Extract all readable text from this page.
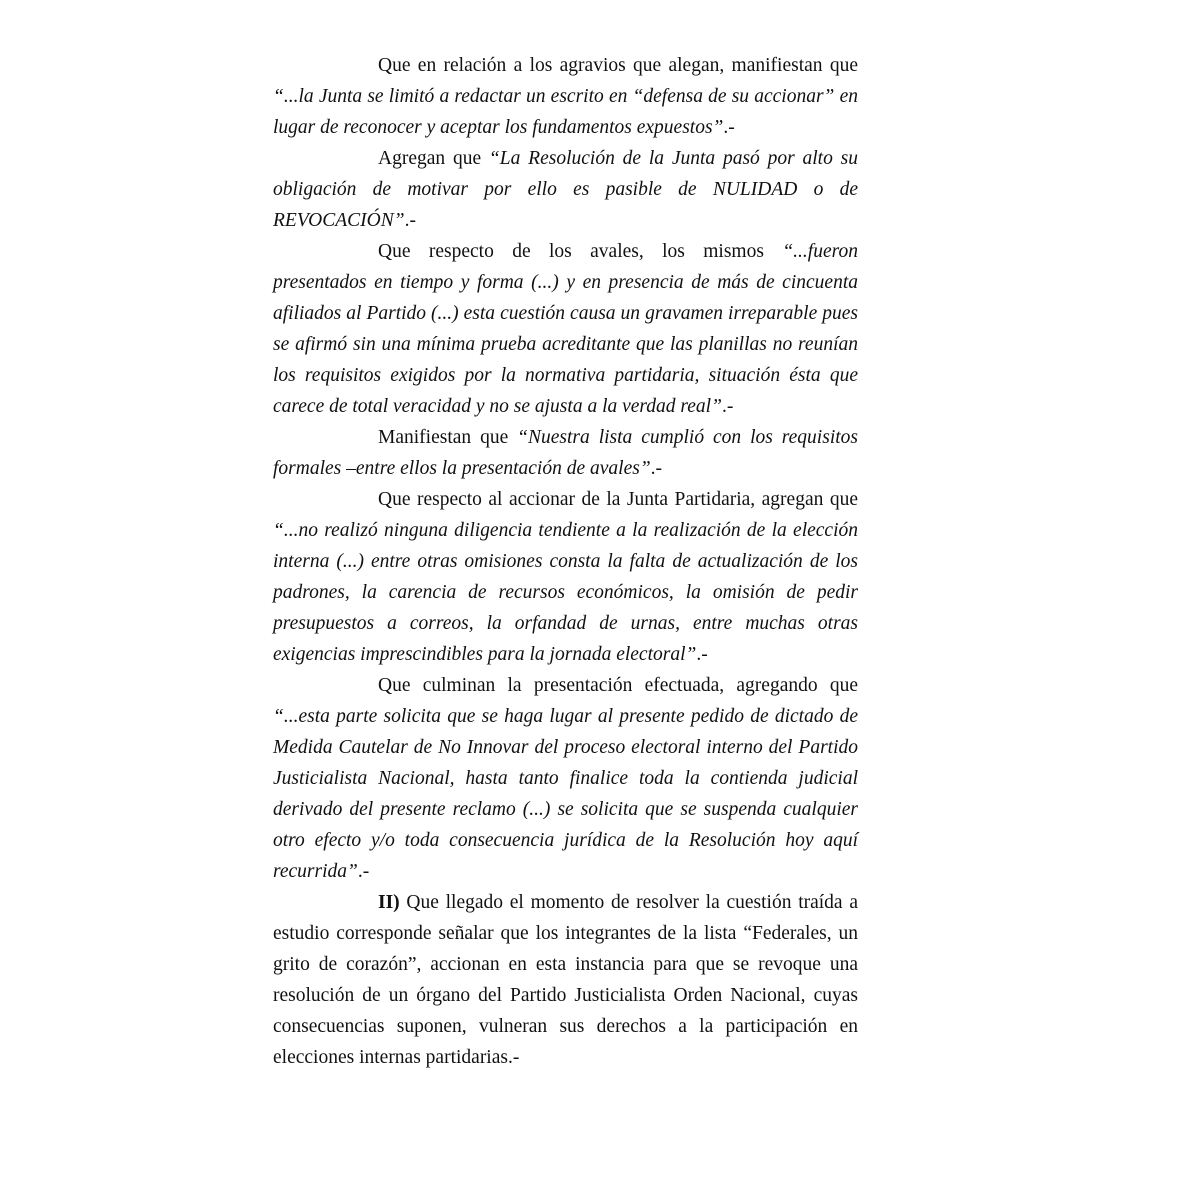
Que en relación a los agravios que alegan, manifiestan que “...la Junta se limitó a redactar un escrito en “defensa de su accionar” en lugar de reconocer y aceptar los fundamentos expuestos”.-

Agregan que “La Resolución de la Junta pasó por alto su obligación de motivar por ello es pasible de NULIDAD o de REVOCACIÓN”.-

Que respecto de los avales, los mismos “...fueron presentados en tiempo y forma (...) y en presencia de más de cincuenta afiliados al Partido (...) esta cuestión causa un gravamen irreparable pues se afirmó sin una mínima prueba acreditante que las planillas no reunían los requisitos exigidos por la normativa partidaria, situación ésta que carece de total veracidad y no se ajusta a la verdad real”.-

Manifiestan que “Nuestra lista cumplió con los requisitos formales –entre ellos la presentación de avales”.-

Que respecto al accionar de la Junta Partidaria, agregan que “...no realizó ninguna diligencia tendiente a la realización de la elección interna (...) entre otras omisiones consta la falta de actualización de los padrones, la carencia de recursos económicos, la omisión de pedir presupuestos a correos, la orfandad de urnas, entre muchas otras exigencias imprescindibles para la jornada electoral”.-

Que culminan la presentación efectuada, agregando que “...esta parte solicita que se haga lugar al presente pedido de dictado de Medida Cautelar de No Innovar del proceso electoral interno del Partido Justicialista Nacional, hasta tanto finalice toda la contienda judicial derivado del presente reclamo (...) se solicita que se suspenda cualquier otro efecto y/o toda consecuencia jurídica de la Resolución hoy aquí recurrida”.-

II) Que llegado el momento de resolver la cuestión traída a estudio corresponde señalar que los integrantes de la lista “Federales, un grito de corazón”, accionan en esta instancia para que se revoque una resolución de un órgano del Partido Justicialista Orden Nacional, cuyas consecuencias suponen, vulneran sus derechos a la participación en elecciones internas partidarias.-
